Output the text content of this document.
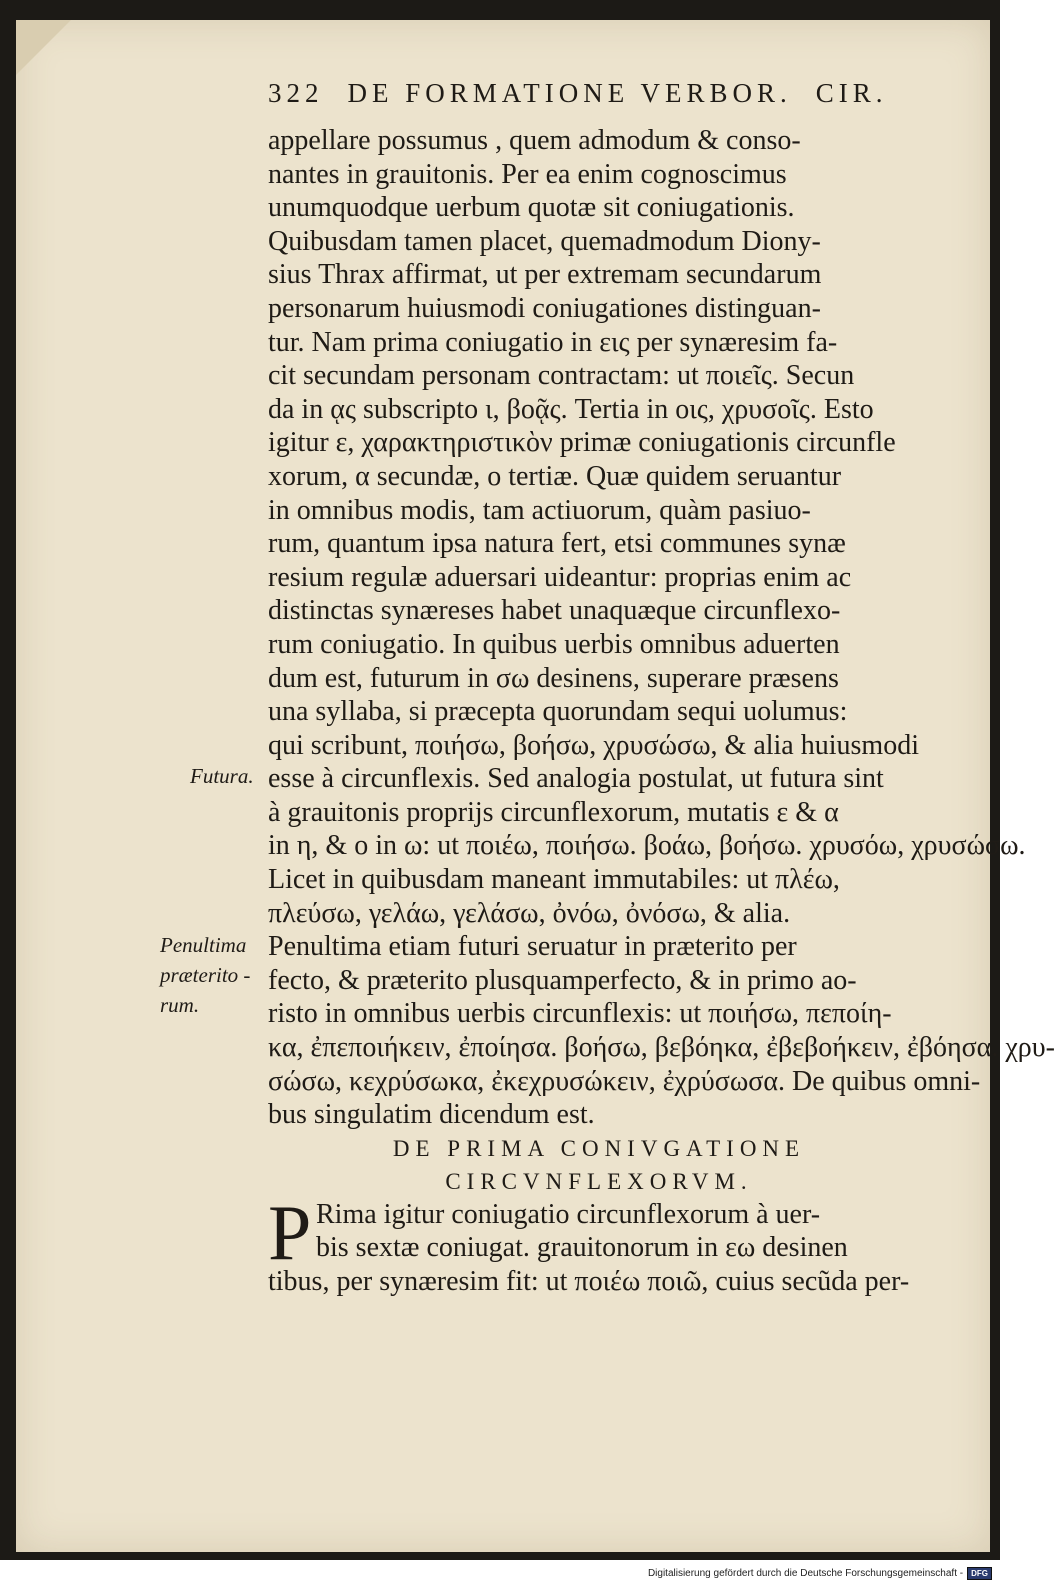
322 DE FORMATIONE VERBOR. CIR.
appellare possumus , quem admodum & conso-
nantes in grauitonis. Per ea enim cognoscimus
unumquodque uerbum quotæ sit coniugationis.
Quibusdam tamen placet, quemadmodum Diony-
sius Thrax affirmat, ut per extremam secundarum
personarum huiusmodi coniugationes distinguan-
tur. Nam prima coniugatio in εις per synæresim fa-
cit secundam personam contractam: ut ποιεῖς. Secun
da in ᾳς subscripto ι, βοᾷς. Tertia in οις, χρυσοῖς. Esto
igitur ε, χαρακτηριστικὸν primæ coniugationis circunfle
xorum, α secundæ, ο tertiæ. Quæ quidem seruantur
in omnibus modis, tam actiuorum, quàm pasiuo-
rum, quantum ipsa natura fert, etsi communes synæ
resium regulæ aduersari uideantur: proprias enim ac
distinctas synæreses habet unaquæque circunflexo-
rum coniugatio. In quibus uerbis omnibus aduerten
dum est, futurum in σω desinens, superare præsens
una syllaba, si præcepta quorundam sequi uolumus:
qui scribunt, ποιήσω, βοήσω, χρυσώσω, & alia huiusmodi
esse à circunflexis. Sed analogia postulat, ut futura sint
à grauitonis proprijs circunflexorum, mutatis ε & α
in η, & ο in ω: ut ποιέω, ποιήσω. βοάω, βοήσω. χρυσόω, χρυσώσω.
Licet in quibusdam maneant immutabiles: ut πλέω,
πλεύσω, γελάω, γελάσω, ὀνόω, ὀνόσω, & alia.
Penultima etiam futuri seruatur in præterito per
fecto, & præterito plusquamperfecto, & in primo ao-
risto in omnibus uerbis circunflexis: ut ποιήσω, πεποίη-
κα, ἐπεποιήκειν, ἐποίησα. βοήσω, βεβόηκα, ἐβεβοήκειν, ἐβόησα. χρυ-
σώσω, κεχρύσωκα, ἐκεχρυσώκειν, ἐχρύσωσα. De quibus omni-
bus singulatim dicendum est.
DE PRIMA CONIVGATIONE
CIRCVNFLEXORVM.
P Rima igitur coniugatio circunflexorum à uer-
bis sextæ coniugat. grauitonorum in εω desinen
tibus, per synæresim fit: ut ποιέω ποιῶ, cuius secũda per-
Futura.
Penultima
præterito -
rum.
Digitalisierung gefördert durch die Deutsche Forschungsgemeinschaft -	DFG
